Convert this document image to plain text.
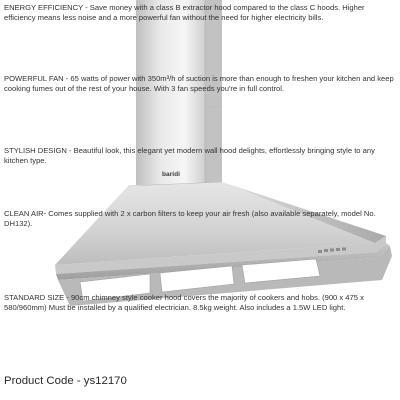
baridi
ENERGY EFFICIENCY - Save money with a class B extractor hood compared to the class C hoods. Higher efficiency means less noise and a more powerful fan without the need for higher electricity bills.
POWERFUL FAN - 65 watts of power with 350m³/h of suction is more than enough to freshen your kitchen and keep cooking fumes out of the rest of your house. With 3 fan speeds you're in full control.
STYLISH DESIGN - Beautiful look, this elegant yet modern wall hood delights, effortlessly bringing style to any kitchen type.
CLEAN AIR- Comes supplied with 2 x carbon filters to keep your air fresh (also available separately, model No. DH132).
STANDARD SIZE - 90cm chimney style cooker hood covers the majority of cookers and hobs. (900 x 475 x 580/960mm) Must be installed by a qualified electrician. 8.5kg weight. Also includes a 1.5W LED light.
Product Code - ys12170
